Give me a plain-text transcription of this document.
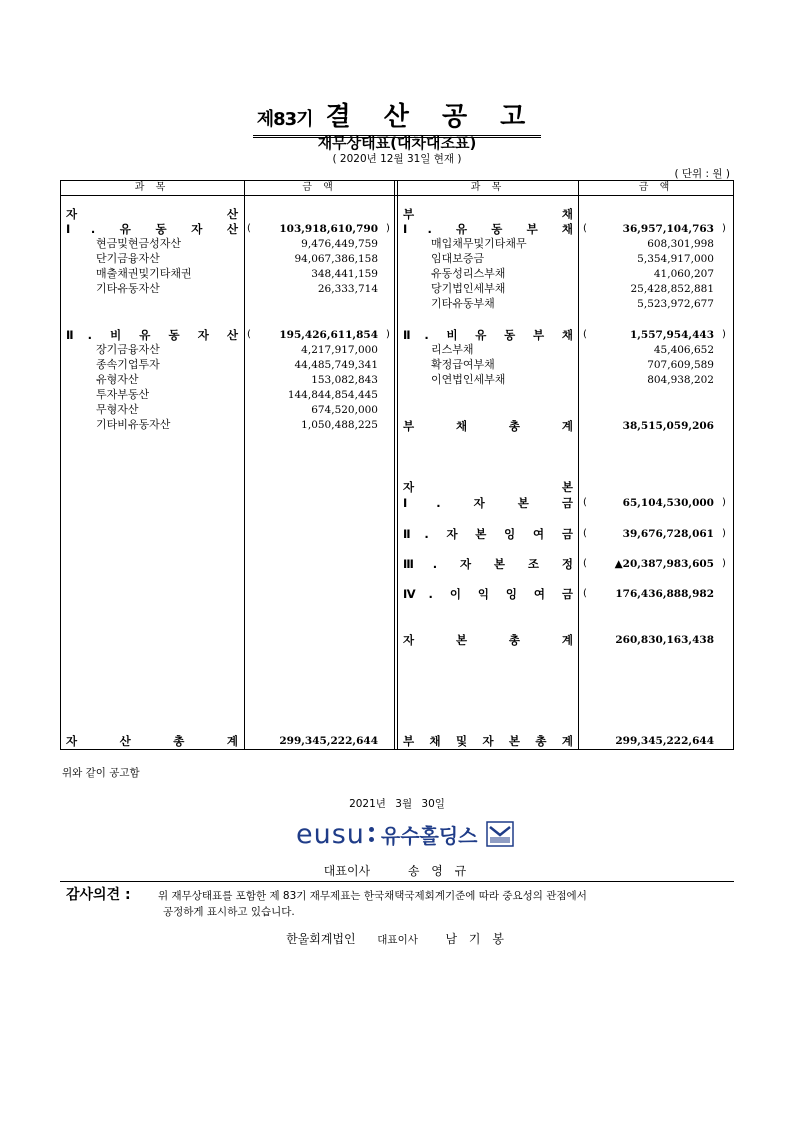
제83기 결 산 공 고
재무상태표(대차대조표)
( 2020년 12월 31일 현재 )
( 단위 : 원 )
과 목	금 액	과 목	금 액
자 산
Ⅰ. 유 동 자 산 (	103,918,610,790 )
현금및현금성자산	9,476,449,759
단기금융자산	94,067,386,158
매출채권및기타채권	348,441,159
기타유동자산	26,333,714
Ⅱ. 비 유 동 자 산 (	195,426,611,854 )
장기금융자산	4,217,917,000
종속기업투자	44,485,749,341
유형자산	153,082,843
투자부동산	144,844,854,445
무형자산	674,520,000
기타비유동자산	1,050,488,225
자 산 총 계	299,345,222,644
부 채
Ⅰ. 유 동 부 채 (	36,957,104,763 )
매입채무및기타채무	608,301,998
임대보증금	5,354,917,000
유동성리스부채	41,060,207
당기법인세부채	25,428,852,881
기타유동부채	5,523,972,677
Ⅱ. 비 유 동 부 채 (	1,557,954,443 )
리스부채	45,406,652
확정급여부채	707,609,589
이연법인세부채	804,938,202
부 채 총 계	38,515,059,206
자 본
Ⅰ. 자 본 금 (	65,104,530,000 )
Ⅱ. 자 본 잉 여 금 (	39,676,728,061 )
Ⅲ. 자 본 조 정 (	▲20,387,983,605 )
Ⅳ. 이 익 잉 여 금 (	176,436,888,982
자 본 총 계	260,830,163,438
부 채 및 자 본 총 계	299,345,222,644
위와 같이 공고함
2021년 3월 30일
eusu 유수홀딩스
대표이사	송 영 규
감사의견 :	위 재무상태표를 포함한 제 83기 재무제표는 한국채택국제회계기준에 따라 중요성의 관점에서
공정하게 표시하고 있습니다.
한울회계법인 대표이사 남 기 봉
